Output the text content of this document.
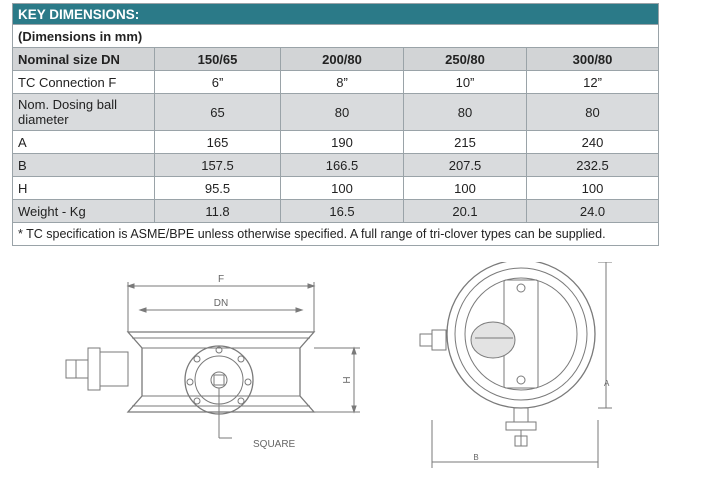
KEY DIMENSIONS:				
(Dimensions in mm)				
Nominal size DN	150/65	200/80	250/80	300/80
TC Connection F	6”	8”	10”	12”
Nom. Dosing ball diameter	65	80	80	80
A	165	190	215	240
B	157.5	166.5	207.5	232.5
H	95.5	100	100	100
Weight - Kg	11.8	16.5	20.1	24.0
* TC specification is ASME/BPE unless otherwise specified. A full range of tri-clover types can be supplied.				
F
DN
H
SQUARE
A
B
